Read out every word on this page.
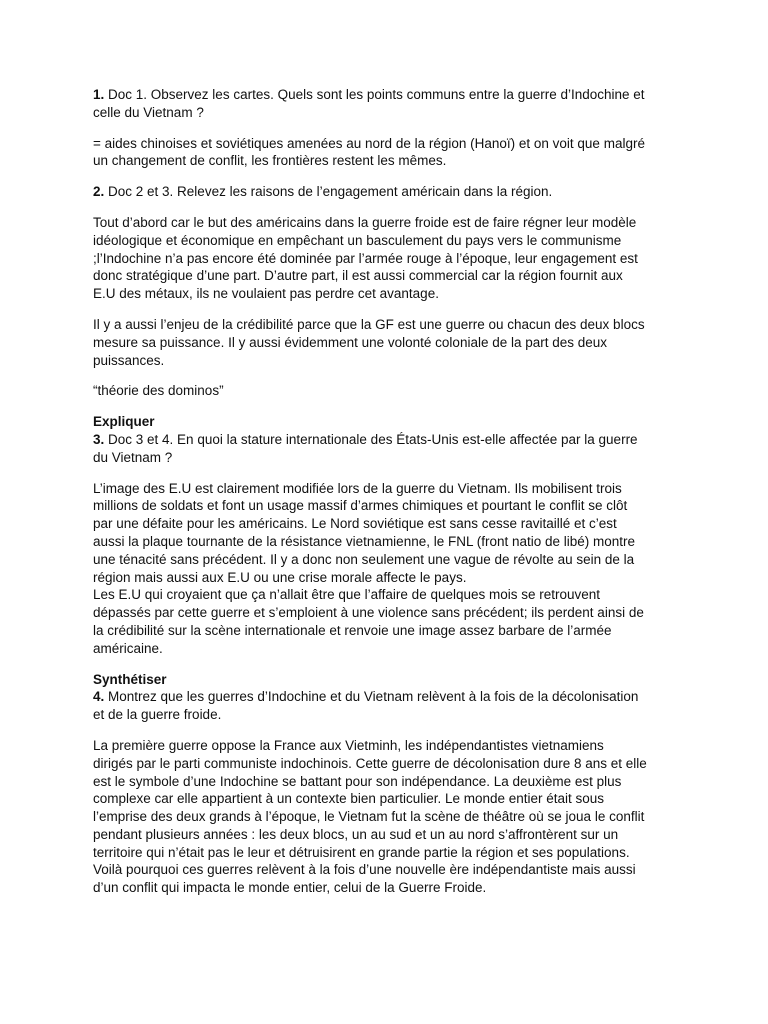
1. Doc 1. Observez les cartes. Quels sont les points communs entre la guerre d’Indochine et
celle du Vietnam ?

= aides chinoises et soviétiques amenées au nord de la région (Hanoï) et on voit que malgré
un changement de conflit, les frontières restent les mêmes.

2. Doc 2 et 3. Relevez les raisons de l’engagement américain dans la région.

Tout d’abord car le but des américains dans la guerre froide est de faire régner leur modèle
idéologique et économique en empêchant un basculement du pays vers le communisme
;l’Indochine n’a pas encore été dominée par l’armée rouge à l’époque, leur engagement est
donc stratégique d’une part. D’autre part, il est aussi commercial car la région fournit aux
E.U des métaux, ils ne voulaient pas perdre cet avantage.

Il y a aussi l’enjeu de la crédibilité parce que la GF est une guerre ou chacun des deux blocs
mesure sa puissance. Il y aussi évidemment une volonté coloniale de la part des deux
puissances.

“théorie des dominos”

Expliquer
3. Doc 3 et 4. En quoi la stature internationale des États-Unis est-elle affectée par la guerre
du Vietnam ?

L’image des E.U est clairement modifiée lors de la guerre du Vietnam. Ils mobilisent trois
millions de soldats et font un usage massif d’armes chimiques et pourtant le conflit se clôt
par une défaite pour les américains. Le Nord soviétique est sans cesse ravitaillé et c’est
aussi la plaque tournante de la résistance vietnamienne, le FNL (front natio de libé) montre
une ténacité sans précédent. Il y a donc non seulement une vague de révolte au sein de la
région mais aussi aux E.U ou une crise morale affecte le pays.

Les E.U qui croyaient que ça n’allait être que l’affaire de quelques mois se retrouvent
dépassés par cette guerre et s’emploient à une violence sans précédent; ils perdent ainsi de
la crédibilité sur la scène internationale et renvoie une image assez barbare de l’armée
américaine.

Synthétiser
4. Montrez que les guerres d’Indochine et du Vietnam relèvent à la fois de la décolonisation
et de la guerre froide.

La première guerre oppose la France aux Vietminh, les indépendantistes vietnamiens
dirigés par le parti communiste indochinois. Cette guerre de décolonisation dure 8 ans et elle
est le symbole d’une Indochine se battant pour son indépendance. La deuxième est plus
complexe car elle appartient à un contexte bien particulier. Le monde entier était sous
l’emprise des deux grands à l’époque, le Vietnam fut la scène de théâtre où se joua le conflit
pendant plusieurs années : les deux blocs, un au sud et un au nord s’affrontèrent sur un
territoire qui n’était pas le leur et détruisirent en grande partie la région et ses populations.
Voilà pourquoi ces guerres relèvent à la fois d’une nouvelle ère indépendantiste mais aussi
d’un conflit qui impacta le monde entier, celui de la Guerre Froide.
